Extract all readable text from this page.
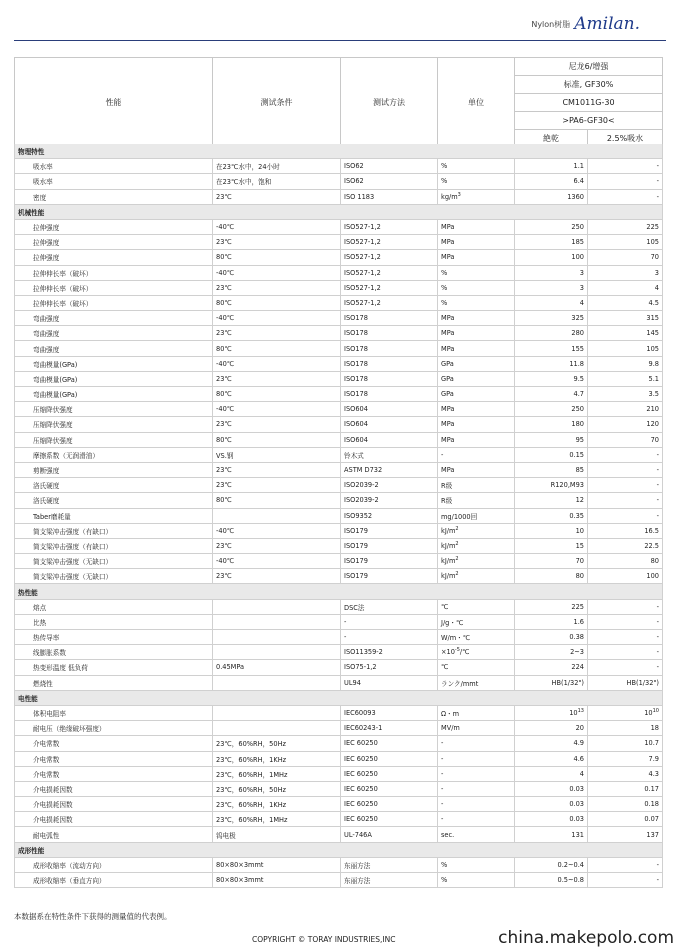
Nylon树脂 Amilan.
性能	测试条件	测试方法	单位	尼龙6/增强	
				标准, GF30%	
				CM1011G-30	
				>PA6-GF30<	
				絶乾	2.5%吸水
物理特性					
吸水率	在23℃水中，24小时	ISO62	%	1.1	-
吸水率	在23℃水中，饱和	ISO62	%	6.4	-
密度	23℃	ISO 1183	$kg/m^3$	1360	-
机械性能					
拉伸强度	-40℃	ISO527-1,2	MPa	250	225
拉伸强度	23℃	ISO527-1,2	MPa	185	105
拉伸强度	80℃	ISO527-1,2	MPa	100	70
拉伸伸长率（破坏）	-40℃	ISO527-1,2	%	3	3
拉伸伸长率（破坏）	23℃	ISO527-1,2	%	3	4
拉伸伸长率（破坏）	80℃	ISO527-1,2	%	4	4.5
弯曲强度	-40℃	ISO178	MPa	325	315
弯曲强度	23℃	ISO178	MPa	280	145
弯曲强度	80℃	ISO178	MPa	155	105
弯曲模量(GPa)	-40℃	ISO178	GPa	11.8	9.8
弯曲模量(GPa)	23℃	ISO178	GPa	9.5	5.1
弯曲模量(GPa)	80℃	ISO178	GPa	4.7	3.5
压缩降伏强度	-40℃	ISO604	MPa	250	210
压缩降伏强度	23℃	ISO604	MPa	180	120
压缩降伏强度	80℃	ISO604	MPa	95	70
摩擦系数（无润滑油）	VS.钢	铃木式	-	0.15	-
剪断强度	23℃	ASTM D732	MPa	85	-
洛氏硬度	23℃	ISO2039-2	R级	R120,M93	-
洛氏硬度	80℃	ISO2039-2	R级	12	-
Taber磨耗量		ISO9352	mg/1000回	0.35	-
简支梁冲击强度（有缺口）	-40℃	ISO179	$kJ/m^2$	10	16.5
简支梁冲击强度（有缺口）	23℃	ISO179	$kJ/m^2$	15	22.5
简支梁冲击强度（无缺口）	-40℃	ISO179	$kJ/m^2$	70	80
简支梁冲击强度（无缺口）	23℃	ISO179	$kJ/m^2$	80	100
热性能					
熔点		DSC法	℃	225	-
比热		-	J/g・℃	1.6	-
热传导率		-	W/m・℃	0.38	-
线膨胀系数		ISO11359-2	$\times 10^{-5}/℃$	2~3	-
热变形温度 低负荷	0.45MPa	ISO75-1,2	℃	224	-
燃烧性		UL94	ランク/mmt	HB(1/32")	HB(1/32")
电性能					
体积电阻率		IEC60093	Ω・m	$10^{13}$	$10^{10}$
耐电压（绝缘破坏强度）		IEC60243-1	MV/m	20	18
介电常数	23℃，60%RH，50Hz	IEC 60250	-	4.9	10.7
介电常数	23℃，60%RH，1KHz	IEC 60250	-	4.6	7.9
介电常数	23℃，60%RH，1MHz	IEC 60250	-	4	4.3
介电损耗因数	23℃，60%RH，50Hz	IEC 60250	-	0.03	0.17
介电损耗因数	23℃，60%RH，1KHz	IEC 60250	-	0.03	0.18
介电损耗因数	23℃，60%RH，1MHz	IEC 60250	-	0.03	0.07
耐电弧性	钨电极	UL-746A	sec.	131	137
成形性能					
成形收缩率（流动方向）	80×80×3mmt	东丽方法	%	0.2~0.4	-
成形收缩率（垂直方向）	80×80×3mmt	东丽方法	%	0.5~0.8	-
本数据系在特性条件下获得的测量值的代表例。
COPYRIGHT © TORAY INDUSTRIES,INC	china.makepolo.com
